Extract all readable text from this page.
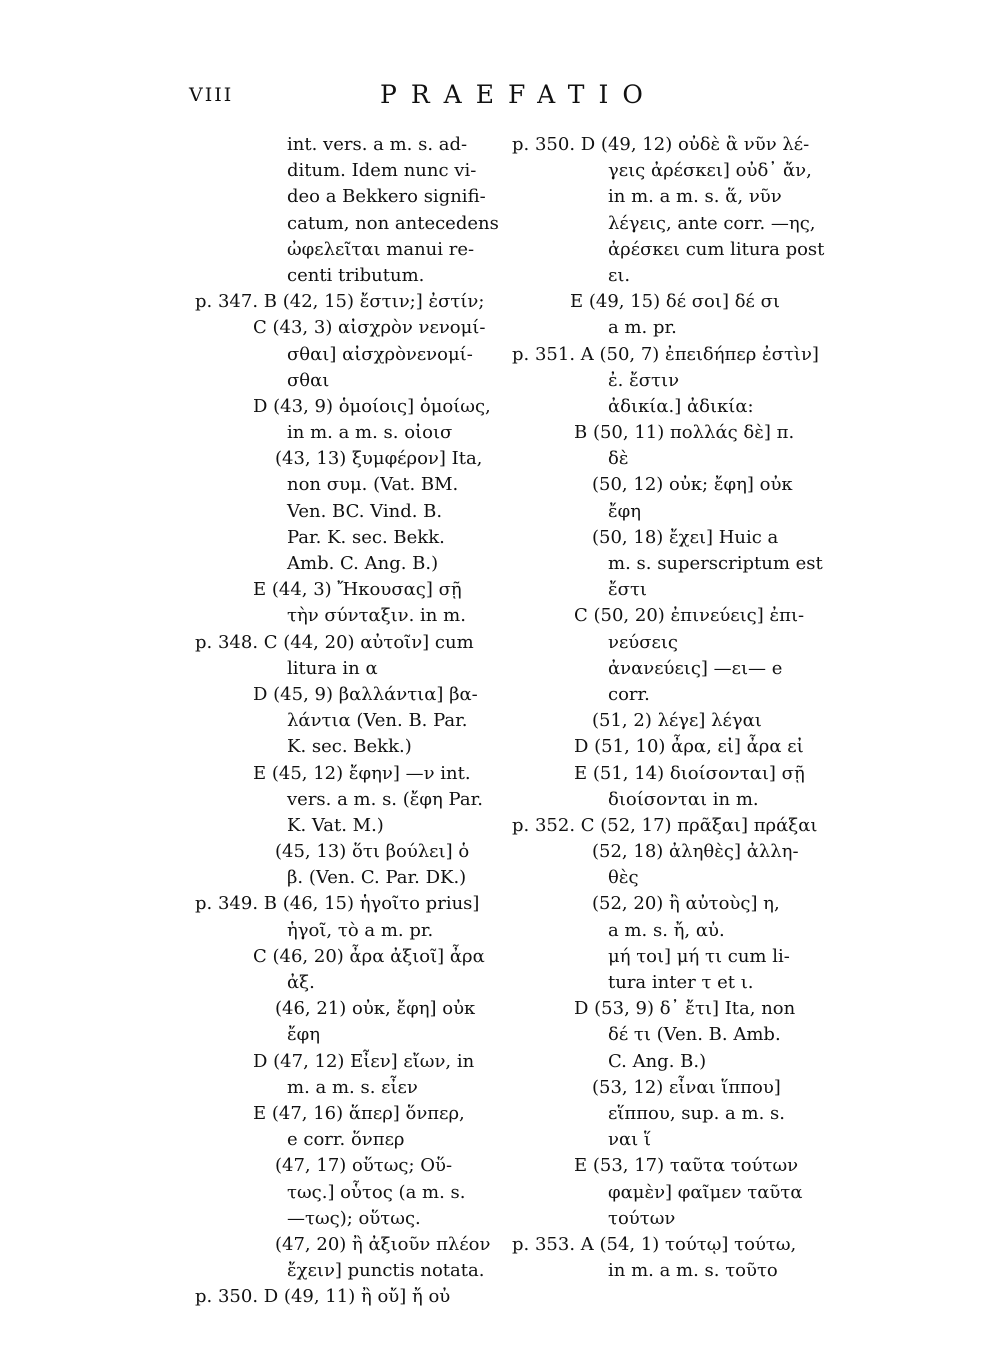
VIII	PRAEFATIO
int. vers. a m. s. ad-
ditum. Idem nunc vi-
deo a Bekkero signifi-
catum, non antecedens
ὠφελεῖται manui re-
centi tributum.
p. 347. B (42, 15) ἔστιν;] ἐστίν;
C (43, 3) αἰσχρὸν νενομί-
σθαι] αἰσχρὸνενομί-
σθαι
D (43, 9) ὁμοίοις] ὁμοίως,
in m. a m. s. οἰοισ
(43, 13) ξυμφέρον] Ita,
non συμ. (Vat. BM.
Ven. BC. Vind. B.
Par. K. sec. Bekk.
Amb. C. Ang. B.)
E (44, 3) Ἤκουσας] σῇ
τὴν σύνταξιν. in m.
p. 348. C (44, 20) αὐτοῖν] cum
litura in α
D (45, 9) βαλλάντια] βα-
λάντια (Ven. B. Par.
K. sec. Bekk.)
E (45, 12) ἔφην] —ν int.
vers. a m. s. (ἔφη Par.
K. Vat. M.)
(45, 13) ὅτι βούλει] ὁ
β. (Ven. C. Par. DK.)
p. 349. B (46, 15) ἡγοῖτο prius]
ἡγοῖ, τὸ a m. pr.
C (46, 20) ἆρα ἀξιοῖ] ἆρα
ἀξ.
(46, 21) οὐκ, ἔφη] οὐκ
ἔφη
D (47, 12) Εἶεν] εἴων, in
m. a m. s. εἶεν
E (47, 16) ἅπερ] ὅνπερ,
e corr. ὅνπερ
(47, 17) οὕτως; Οὕ-
τως.] οὗτος (a m. s.
—τως); οὕτως.
(47, 20) ἢ ἀξιοῦν πλέον
ἔχειν] punctis notata.
p. 350. D (49, 11) ἢ οὔ] ἤ οὐ
p. 350. D (49, 12) οὐδὲ ἃ νῦν λέ-
γεις ἀρέσκει] οὐδ᾽ ἄν,
in m. a m. s. ἅ, νῦν
λέγεις, ante corr. —ης,
ἀρέσκει cum litura post
ει.
E (49, 15) δέ σοι] δέ σι
a m. pr.
p. 351. A (50, 7) ἐπειδήπερ ἐστὶν]
ἐ. ἔστιν
ἀδικία.] ἀδικία:
B (50, 11) πολλάς δὲ] π.
δὲ
(50, 12) οὐκ; ἔφη] οὐκ
ἔφη
(50, 18) ἔχει] Huic a
m. s. superscriptum est
ἔστι
C (50, 20) ἐπινεύεις] ἐπι-
νεύσεις
ἀνανεύεις] —ει— e
corr.
(51, 2) λέγε] λέγαι
D (51, 10) ἆρα, εἰ] ἆρα εἰ
E (51, 14) διοίσονται] σῇ
διοίσονται in m.
p. 352. C (52, 17) πρᾶξαι] πράξαι
(52, 18) ἀληθὲς] ἀλλη-
θὲς
(52, 20) ἢ αὐτοὺς] η,
a m. s. ἤ, αὐ.
μή τοι] μή τι cum li-
tura inter τ et ι.
D (53, 9) δ᾽ ἔτι] Ita, non
δέ τι (Ven. B. Amb.
C. Ang. B.)
(53, 12) εἶναι ἵππου]
εἵππου, sup. a m. s.
ναι ἵ
E (53, 17) ταῦτα τούτων
φαμὲν] φαῖμεν ταῦτα
τούτων
p. 353. A (54, 1) τούτῳ] τούτω,
in m. a m. s. τοῦτο
